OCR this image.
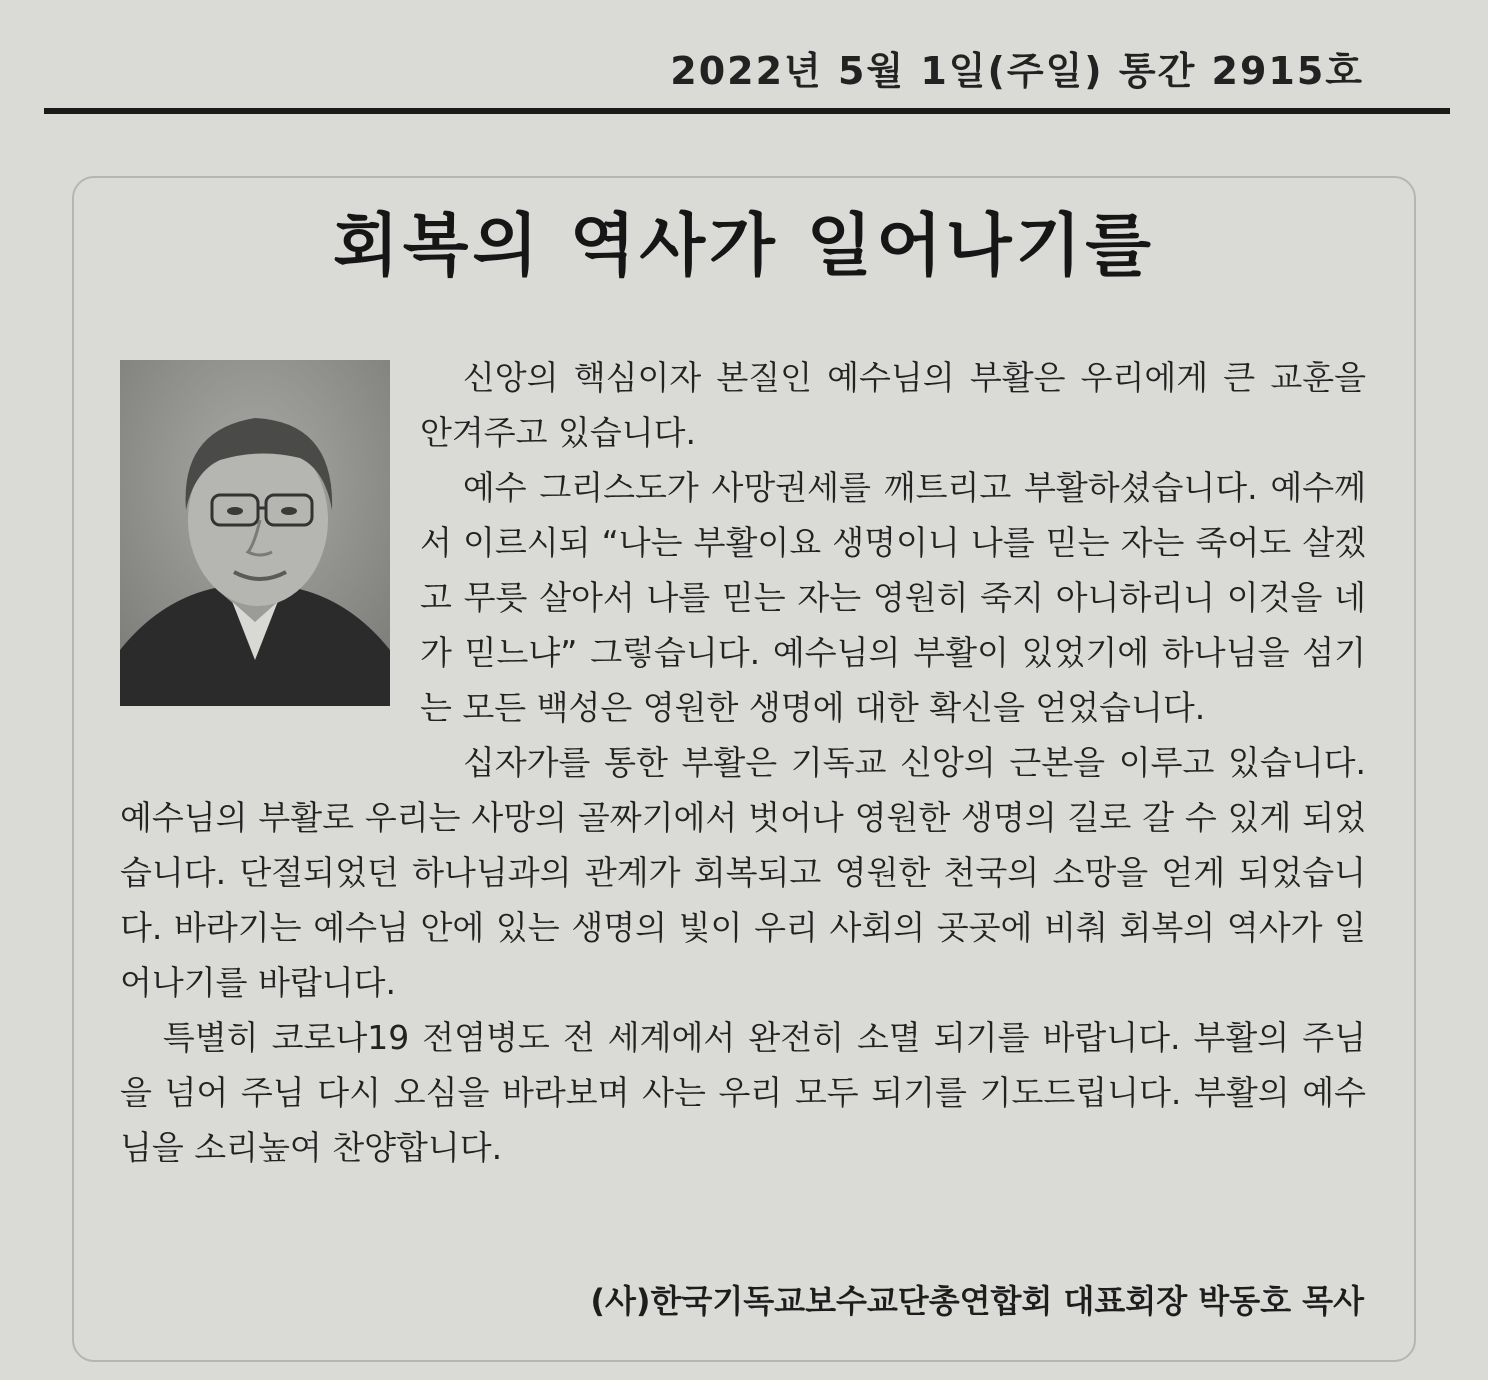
2022년 5월 1일(주일) 통간 2915호
회복의 역사가 일어나기를

신앙의 핵심이자 본질인 예수님의 부활은 우리에게 큰 교훈을 안겨주고 있습니다.

예수 그리스도가 사망권세를 깨트리고 부활하셨습니다. 예수께서 이르시되 “나는 부활이요 생명이니 나를 믿는 자는 죽어도 살겠고 무릇 살아서 나를 믿는 자는 영원히 죽지 아니하리니 이것을 네가 믿느냐” 그렇습니다. 예수님의 부활이 있었기에 하나님을 섬기는 모든 백성은 영원한 생명에 대한 확신을 얻었습니다.

십자가를 통한 부활은 기독교 신앙의 근본을 이루고 있습니다. 예수님의 부활로 우리는 사망의 골짜기에서 벗어나 영원한 생명의 길로 갈 수 있게 되었습니다. 단절되었던 하나님과의 관계가 회복되고 영원한 천국의 소망을 얻게 되었습니다. 바라기는 예수님 안에 있는 생명의 빛이 우리 사회의 곳곳에 비춰 회복의 역사가 일어나기를 바랍니다.

특별히 코로나19 전염병도 전 세계에서 완전히 소멸 되기를 바랍니다. 부활의 주님을 넘어 주님 다시 오심을 바라보며 사는 우리 모두 되기를 기도드립니다. 부활의 예수님을 소리높여 찬양합니다.

(사)한국기독교보수교단총연합회 대표회장 박동호 목사
